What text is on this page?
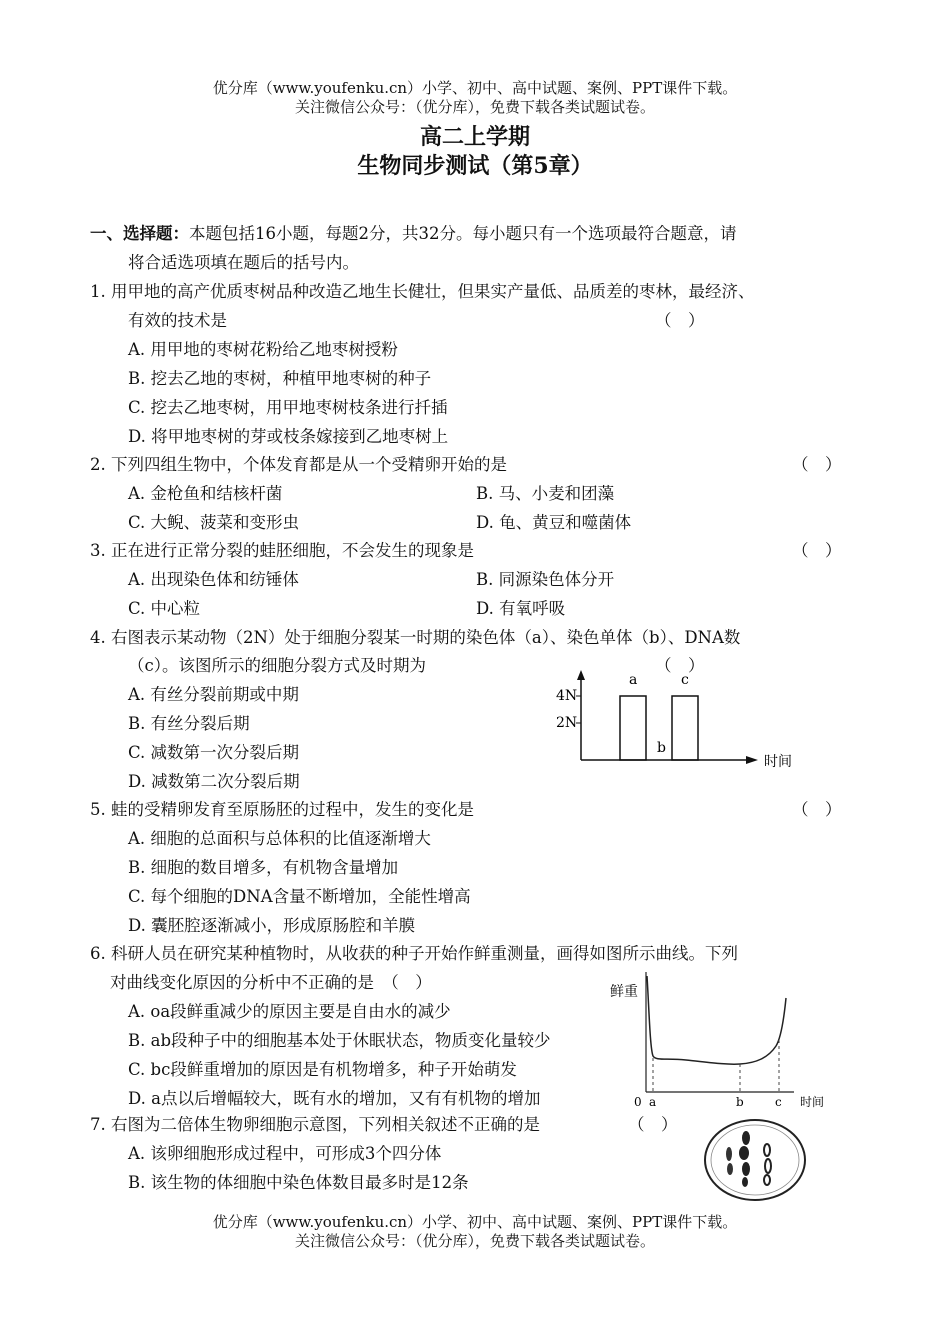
优分库（www.youfenku.cn）小学、初中、高中试题、案例、PPT课件下载。
关注微信公众号：（优分库），免费下载各类试题试卷。
高二上学期
生物同步测试（第5章）
一、选择题：本题包括16小题，每题2分，共32分。每小题只有一个选项最符合题意，请
将合适选项填在题后的括号内。
1. 用甲地的高产优质枣树品种改造乙地生长健壮，但果实产量低、品质差的枣林，最经济、
有效的技术是	（　）
A. 用甲地的枣树花粉给乙地枣树授粉
B. 挖去乙地的枣树，种植甲地枣树的种子
C. 挖去乙地枣树，用甲地枣树枝条进行扦插
D. 将甲地枣树的芽或枝条嫁接到乙地枣树上
2. 下列四组生物中，个体发育都是从一个受精卵开始的是	（　）
A. 金枪鱼和结核杆菌	B. 马、小麦和团藻
C. 大鲵、菠菜和变形虫	D. 龟、黄豆和噬菌体
3. 正在进行正常分裂的蛙胚细胞，不会发生的现象是	（　）
A. 出现染色体和纺锤体	B. 同源染色体分开
C. 中心粒	D. 有氧呼吸
4. 右图表示某动物（2N）处于细胞分裂某一时期的染色体（a）、染色单体（b）、DNA数
（c）。该图所示的细胞分裂方式及时期为	（　）
A. 有丝分裂前期或中期
B. 有丝分裂后期
C. 减数第一次分裂后期
D. 减数第二次分裂后期
4N
2N
a
b
c
时间
5. 蛙的受精卵发育至原肠胚的过程中，发生的变化是	（　）
A. 细胞的总面积与总体积的比值逐渐增大
B. 细胞的数目增多，有机物含量增加
C. 每个细胞的DNA含量不断增加，全能性增高
D. 囊胚腔逐渐减小，形成原肠腔和羊膜
6. 科研人员在研究某种植物时，从收获的种子开始作鲜重测量，画得如图所示曲线。下列
对曲线变化原因的分析中不正确的是　（　）
A. oa段鲜重减少的原因主要是自由水的减少
B. ab段种子中的细胞基本处于休眠状态，物质变化量较少
C. bc段鲜重增加的原因是有机物增多，种子开始萌发
D. a点以后增幅较大，既有水的增加，又有有机物的增加
鲜重
0 a	b	c 时间
7. 右图为二倍体生物卵细胞示意图，下列相关叙述不正确的是	（　）
A. 该卵细胞形成过程中，可形成3个四分体
B. 该生物的体细胞中染色体数目最多时是12条
优分库（www.youfenku.cn）小学、初中、高中试题、案例、PPT课件下载。
关注微信公众号：（优分库），免费下载各类试题试卷。
